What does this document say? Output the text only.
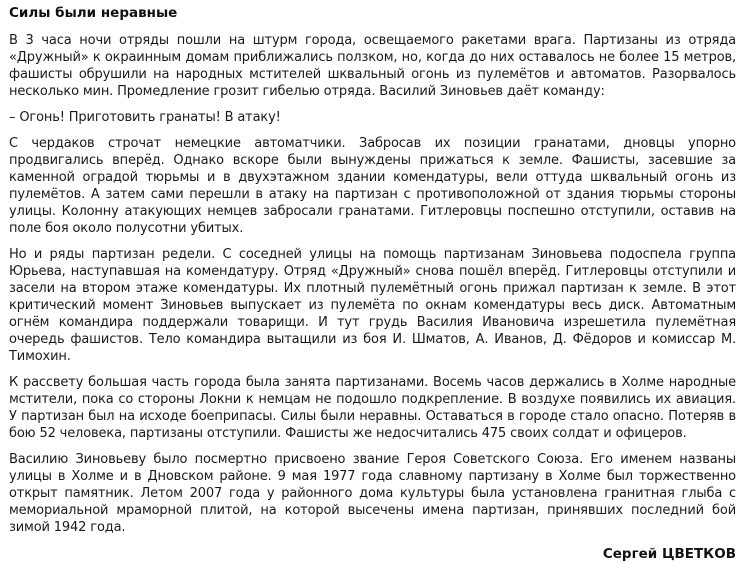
Силы были неравные

В 3 часа ночи отряды пошли на штурм города, освещаемого ракетами врага. Партизаны из отряда «Дружный» к окраинным домам приближались ползком, но, когда до них оставалось не более 15 метров, фашисты обрушили на народных мстителей шквальный огонь из пулемётов и автоматов. Разорвалось несколько мин. Промедление грозит гибелью отряда. Василий Зиновьев даёт команду:

– Огонь! Приготовить гранаты! В атаку!

С чердаков строчат немецкие автоматчики. Забросав их позиции гранатами, дновцы упорно продвигались вперёд. Однако вскоре были вынуждены прижаться к земле. Фашисты, засевшие за каменной оградой тюрьмы и в двухэтажном здании комендатуры, вели оттуда шквальный огонь из пулемётов. А затем сами перешли в атаку на партизан с противоположной от здания тюрьмы стороны улицы. Колонну атакующих немцев забросали гранатами. Гитлеровцы поспешно отступили, оставив на поле боя около полусотни убитых.

Но и ряды партизан редели. С соседней улицы на помощь партизанам Зиновьева подоспела группа Юрьева, наступавшая на комендатуру. Отряд «Дружный» снова пошёл вперёд. Гитлеровцы отступили и засели на втором этаже комендатуры. Их плотный пулемётный огонь прижал партизан к земле. В этот критический момент Зиновьев выпускает из пулемёта по окнам комендатуры весь диск. Автоматным огнём командира поддержали товарищи. И тут грудь Василия Ивановича изрешетила пулемётная очередь фашистов. Тело командира вытащили из боя И. Шматов, А. Иванов, Д. Фёдоров и комиссар М. Тимохин.

К рассвету большая часть города была занята партизанами. Восемь часов держались в Холме народные мстители, пока со стороны Локни к немцам не подошло подкрепление. В воздухе появились их авиация. У партизан был на исходе боеприпасы. Силы были неравны. Оставаться в городе стало опасно. Потеряв в бою 52 человека, партизаны отступили. Фашисты же недосчитались 475 своих солдат и офицеров.

Василию Зиновьеву было посмертно присвоено звание Героя Советского Союза. Его именем названы улицы в Холме и в Дновском районе. 9 мая 1977 года славному партизану в Холме был торжественно открыт памятник. Летом 2007 года у районного дома культуры была установлена гранитная глыба с мемориальной мраморной плитой, на которой высечены имена партизан, принявших последний бой зимой 1942 года.

Сергей ЦВЕТКОВ
